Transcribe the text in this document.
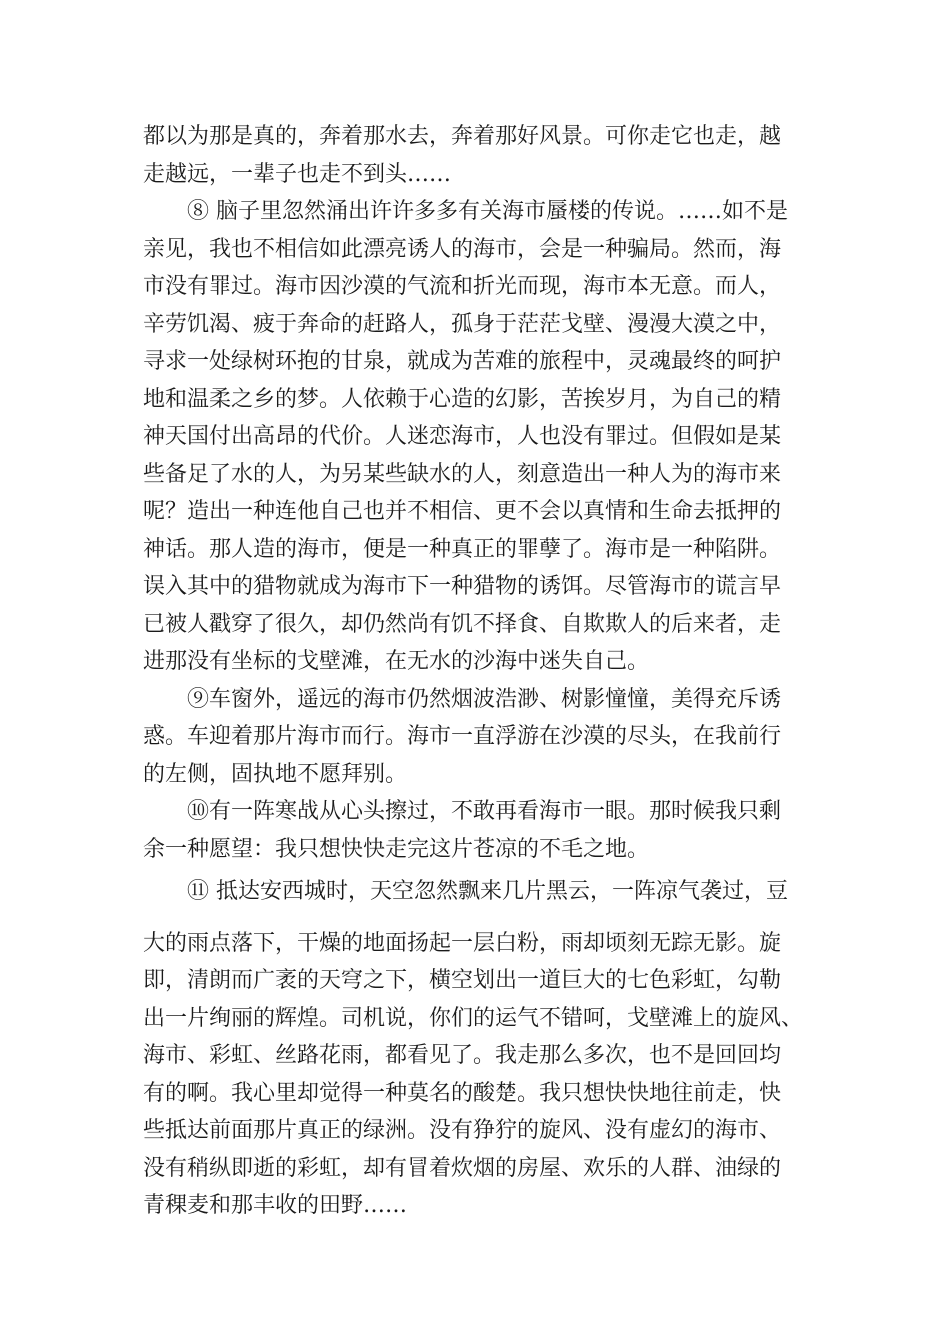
都以为那是真的，奔着那水去，奔着那好风景。可你走它也走，越
走越远，一辈子也走不到头……
⑧ 脑子里忽然涌出许许多多有关海市蜃楼的传说。……如不是
亲见，我也不相信如此漂亮诱人的海市，会是一种骗局。然而，海
市没有罪过。海市因沙漠的气流和折光而现，海市本无意。而人，
辛劳饥渴、疲于奔命的赶路人，孤身于茫茫戈壁、漫漫大漠之中，
寻求一处绿树环抱的甘泉，就成为苦难的旅程中，灵魂最终的呵护
地和温柔之乡的梦。人依赖于心造的幻影，苦挨岁月，为自己的精
神天国付出高昂的代价。人迷恋海市，人也没有罪过。但假如是某
些备足了水的人，为另某些缺水的人，刻意造出一种人为的海市来
呢？造出一种连他自己也并不相信、更不会以真情和生命去抵押的
神话。那人造的海市，便是一种真正的罪孽了。海市是一种陷阱。
误入其中的猎物就成为海市下一种猎物的诱饵。尽管海市的谎言早
已被人戳穿了很久，却仍然尚有饥不择食、自欺欺人的后来者，走
进那没有坐标的戈壁滩，在无水的沙海中迷失自己。
⑨车窗外，遥远的海市仍然烟波浩渺、树影憧憧，美得充斥诱
惑。车迎着那片海市而行。海市一直浮游在沙漠的尽头，在我前行
的左侧，固执地不愿拜别。
⑩有一阵寒战从心头擦过，不敢再看海市一眼。那时候我只剩
余一种愿望：我只想快快走完这片苍凉的不毛之地。
⑪ 抵达安西城时，天空忽然飘来几片黑云，一阵凉气袭过，豆
大的雨点落下，干燥的地面扬起一层白粉，雨却顷刻无踪无影。旋
即，清朗而广袤的天穹之下，横空划出一道巨大的七色彩虹，勾勒
出一片绚丽的辉煌。司机说，你们的运气不错呵，戈壁滩上的旋风、
海市、彩虹、丝路花雨，都看见了。我走那么多次，也不是回回均
有的啊。我心里却觉得一种莫名的酸楚。我只想快快地往前走，快
些抵达前面那片真正的绿洲。没有狰狞的旋风、没有虚幻的海市、
没有稍纵即逝的彩虹，却有冒着炊烟的房屋、欢乐的人群、油绿的
青稞麦和那丰收的田野……
